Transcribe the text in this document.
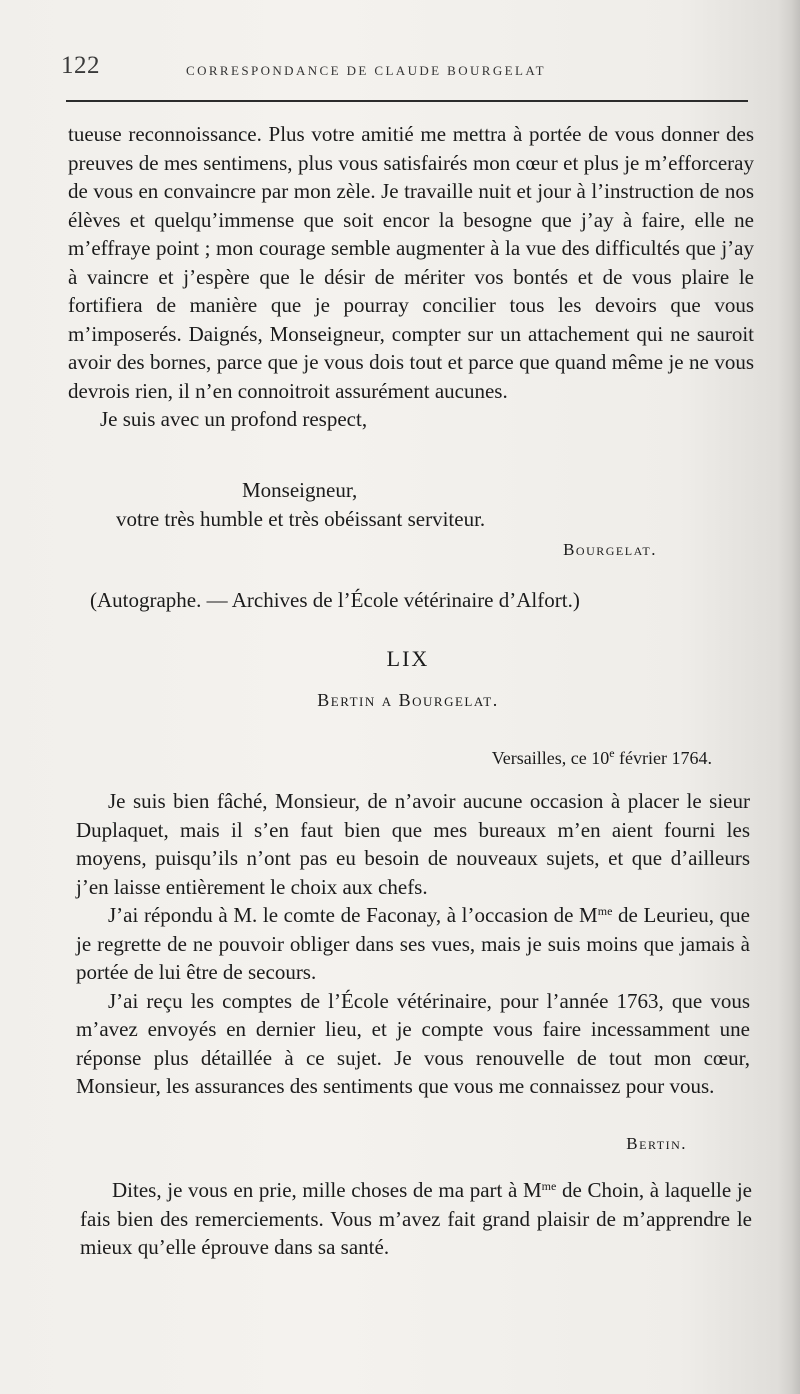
122	CORRESPONDANCE DE CLAUDE BOURGELAT

tueuse reconnoissance. Plus votre amitié me mettra à portée de vous donner des preuves de mes sentimens, plus vous satisfairés mon cœur et plus je m’efforceray de vous en convaincre par mon zèle. Je travaille nuit et jour à l’instruction de nos élèves et quelqu’immense que soit encor la besogne que j’ay à faire, elle ne m’effraye point ; mon courage semble augmenter à la vue des difficultés que j’ay à vaincre et j’espère que le désir de mériter vos bontés et de vous plaire le fortifiera de manière que je pourray concilier tous les devoirs que vous m’imposerés. Daignés, Monseigneur, compter sur un attachement qui ne sauroit avoir des bornes, parce que je vous dois tout et parce que quand même je ne vous devrois rien, il n’en connoitroit assurément aucunes.

Je suis avec un profond respect,

Monseigneur,
votre très humble et très obéissant serviteur.
Bourgelat.
(Autographe. — Archives de l’École vétérinaire d’Alfort.)
LIX
Bertin a Bourgelat.
Versailles, ce 10e février 1764.

Je suis bien fâché, Monsieur, de n’avoir aucune occasion à placer le sieur Duplaquet, mais il s’en faut bien que mes bureaux m’en aient fourni les moyens, puisqu’ils n’ont pas eu besoin de nouveaux sujets, et que d’ailleurs j’en laisse entièrement le choix aux chefs.

J’ai répondu à M. le comte de Faconay, à l’occasion de $M^{me}$ de Leurieu, que je regrette de ne pouvoir obliger dans ses vues, mais je suis moins que jamais à portée de lui être de secours.

J’ai reçu les comptes de l’École vétérinaire, pour l’année 1763, que vous m’avez envoyés en dernier lieu, et je compte vous faire incessamment une réponse plus détaillée à ce sujet. Je vous renouvelle de tout mon cœur, Monsieur, les assurances des sentiments que vous me connaissez pour vous.

Bertin.

Dites, je vous en prie, mille choses de ma part à $M^{me}$ de Choin, à laquelle je fais bien des remerciements. Vous m’avez fait grand plaisir de m’apprendre le mieux qu’elle éprouve dans sa santé.
